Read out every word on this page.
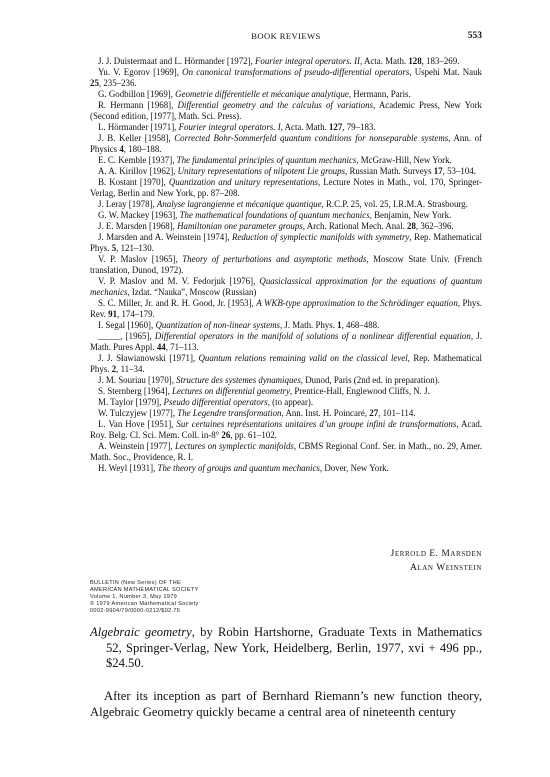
BOOK REVIEWS	553
J. J. Duistermaat and L. Hörmander [1972], Fourier integral operators. II, Acta. Math. 128, 183–269.
Yu. V. Egorov [1969], On canonical transformations of pseudo-differential operators, Uspehi Mat. Nauk 25, 235–236.
G. Godbillon [1969], Geometrie différentielle et mécanique analytique, Hermann, Paris.
R. Hermann [1968], Differential geometry and the calculus of variations, Academic Press, New York (Second edition, [1977], Math. Sci. Press).
L. Hörmander [1971], Fourier integral operators. I, Acta. Math. 127, 79–183.
J. B. Keller [1958], Corrected Bohr-Sommerfeld quantum conditions for nonseparable systems, Ann. of Physics 4, 180–188.
E. C. Kemble [1937], The fundamental principles of quantum mechanics, McGraw-Hill, New York.
A. A. Kirillov [1962], Unitary representations of nilpotent Lie groups, Russian Math. Surveys 17, 53–104.
B. Kostant [1970], Quantization and unitary representations, Lecture Notes in Math., vol. 170, Springer-Verlag, Berlin and New York, pp. 87–208.
J. Leray [1978], Analyse lagrangienne et mécanique quantique, R.C.P. 25, vol. 25, I.R.M.A. Strasbourg.
G. W. Mackey [1963], The mathematical foundations of quantum mechanics, Benjamin, New York.
J. E. Marsden [1968], Hamiltonian one parameter groups, Arch. Rational Mech. Anal. 28, 362–396.
J. Marsden and A. Weinstein [1974], Reduction of symplectic manifolds with symmetry, Rep. Mathematical Phys. 5, 121–130.
V. P. Maslov [1965], Theory of perturbations and asymptotic methods, Moscow State Univ. (French translation, Dunod, 1972).
V. P. Maslov and M. V. Fedorjuk [1976], Quasiclassical approximation for the equations of quantum mechanics, Izdat. “Nauka”, Moscow (Russian)
S. C. Miller, Jr. and R. H. Good, Jr. [1953], A WKB-type approximation to the Schrödinger equation, Phys. Rev. 91, 174–179.
I. Segal [1960], Quantization of non-linear systems, J. Math. Phys. 1, 468–488.
_____, [1965], Differential operators in the manifold of solutions of a nonlinear differential equation, J. Math. Pures Appl. 44, 71–113.
J. J. Sławianowski [1971], Quantum relations remaining valid on the classical level, Rep. Mathematical Phys. 2, 11–34.
J. M. Souriau [1970], Structure des systemes dynamiques, Dunod, Paris (2nd ed. in preparation).
S. Sternberg [1964], Lectures on differential geometry, Prentice-Hall, Englewood Cliffs, N. J.
M. Taylor [1979], Pseudo differential operators, (to appear).
W. Tulczyjew [1977], The Legendre transformation, Ann. Inst. H. Poincaré, 27, 101–114.
L. Van Hove [1951], Sur certaines représentations unitaires d’un groupe infini de transformations, Acad. Roy. Belg. Cl. Sci. Mem. Coll. in-8° 26, pp. 61–102.
A. Weinstein [1977], Lectures on symplectic manifolds, CBMS Regional Conf. Ser. in Math., no. 29, Amer. Math. Soc., Providence, R. I.
H. Weyl [1931], The theory of groups and quantum mechanics, Dover, New York.
Jerrold E. Marsden
Alan Weinstein
BULLETIN (New Series) OF THE
AMERICAN MATHEMATICAL SOCIETY
Volume 1, Number 3, May 1979
© 1979 American Mathematical Society
0002-9904/79/0000-0212/$02.75
Algebraic geometry, by Robin Hartshorne, Graduate Texts in Mathematics 52, Springer-Verlag, New York, Heidelberg, Berlin, 1977, xvi + 496 pp., $24.50.
After its inception as part of Bernhard Riemann’s new function theory, Algebraic Geometry quickly became a central area of nineteenth century
